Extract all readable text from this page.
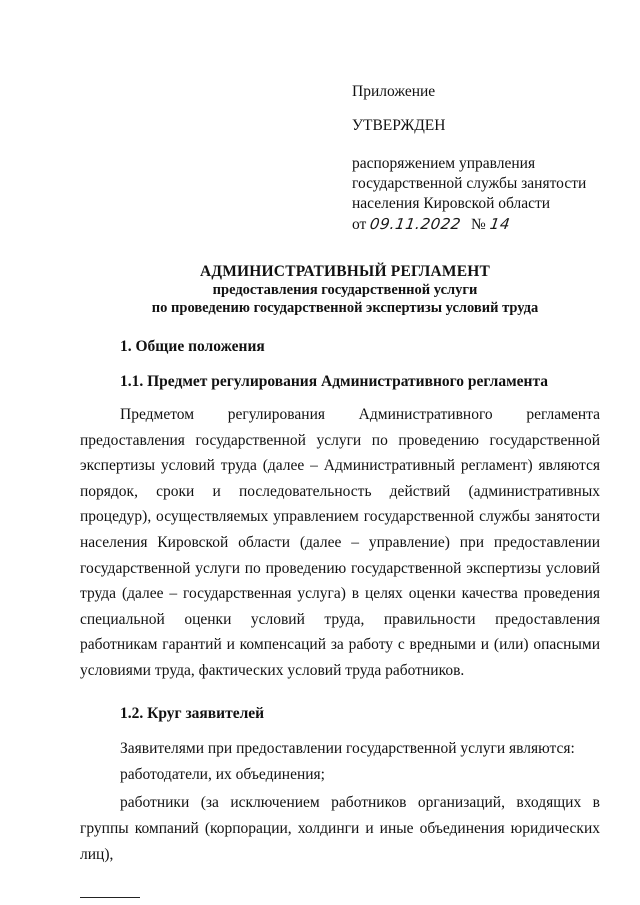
Приложение
УТВЕРЖДЕН
распоряжением управления
государственной службы занятости
населения Кировской области
от 09.11.2022 № 14
АДМИНИСТРАТИВНЫЙ РЕГЛАМЕНТ
предоставления государственной услуги
по проведению государственной экспертизы условий труда
1. Общие положения
1.1. Предмет регулирования Административного регламента
Предметом регулирования Административного регламента предоставления государственной услуги по проведению государственной экспертизы условий труда (далее – Административный регламент) являются порядок, сроки и последовательность действий (административных процедур), осуществляемых управлением государственной службы занятости населения Кировской области (далее – управление) при предоставлении государственной услуги по проведению государственной экспертизы условий труда (далее – государственная услуга) в целях оценки качества проведения специальной оценки условий труда, правильности предоставления работникам гарантий и компенсаций за работу с вредными и (или) опасными условиями труда, фактических условий труда работников.
1.2. Круг заявителей
Заявителями при предоставлении государственной услуги являются:
работодатели, их объединения;
работники (за исключением работников организаций, входящих в группы компаний (корпорации, холдинги и иные объединения юридических лиц),
